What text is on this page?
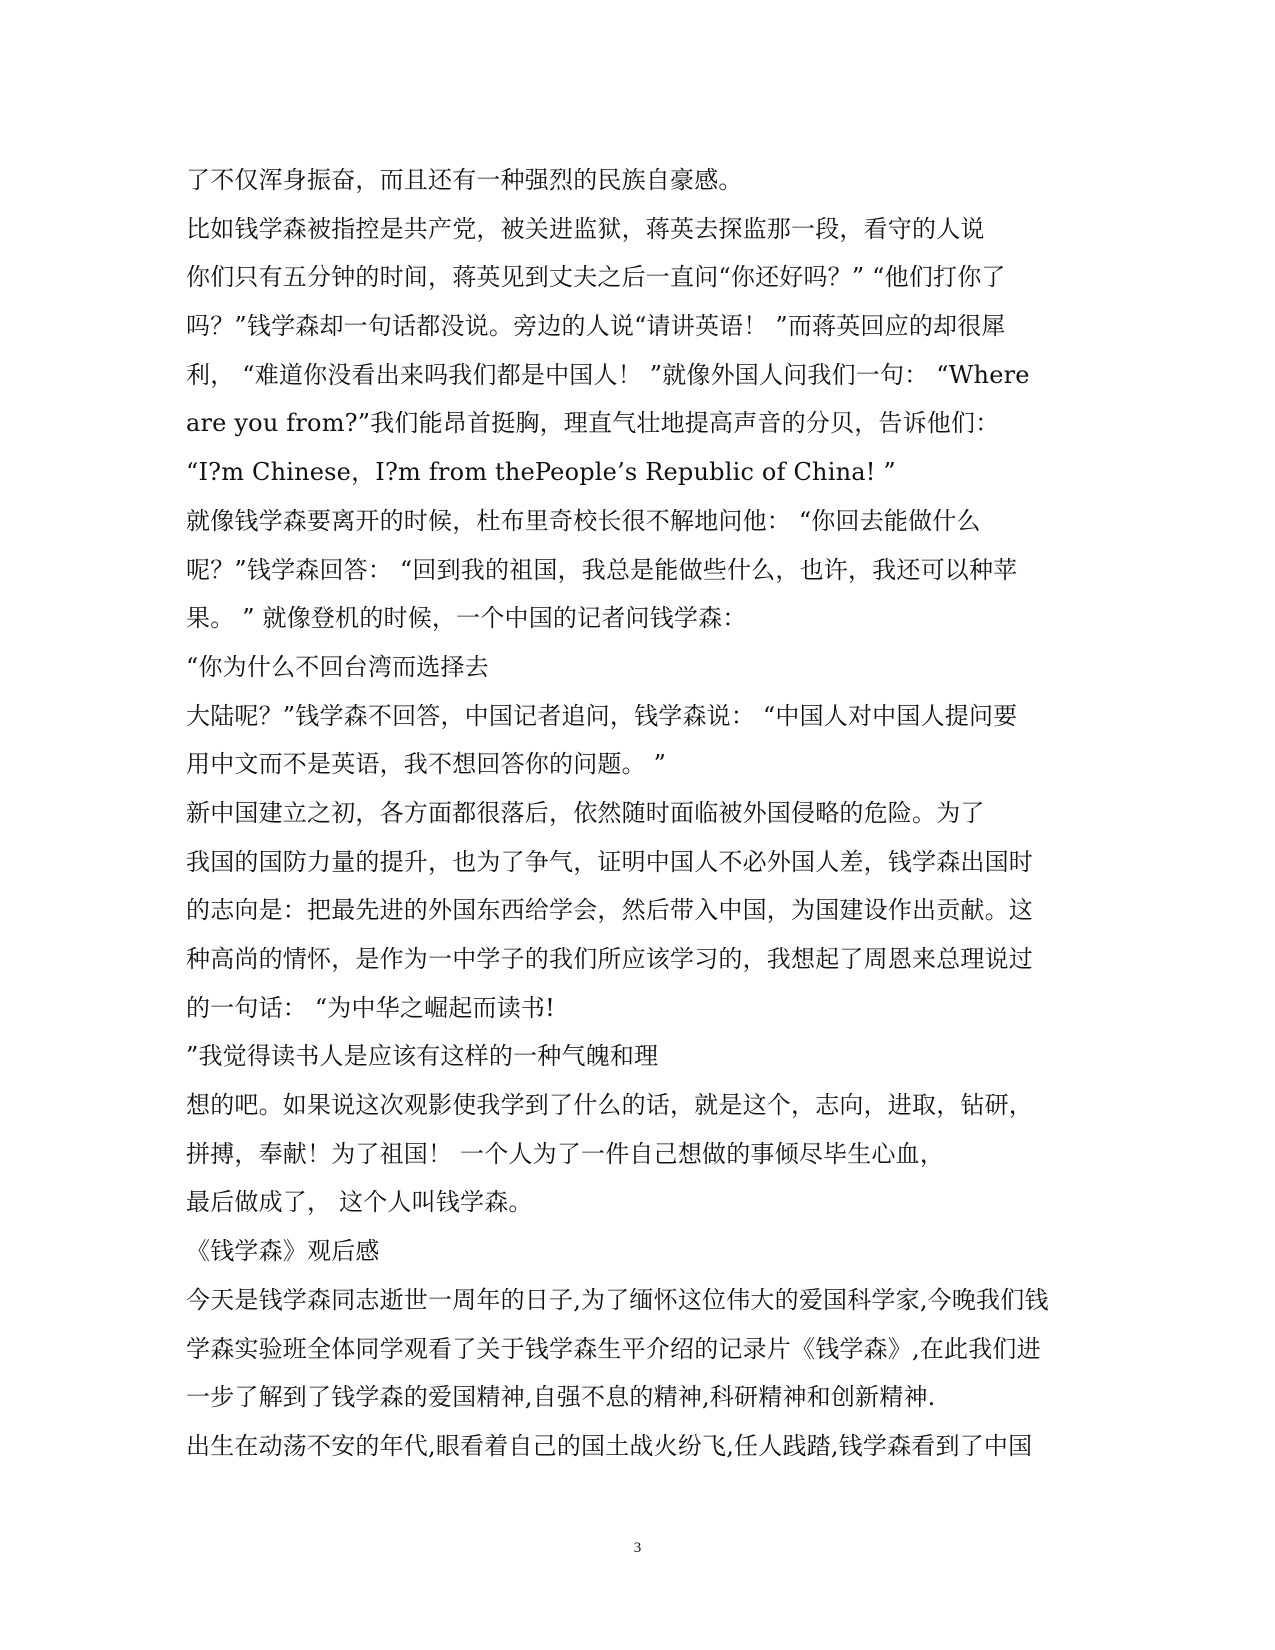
了不仅浑身振奋，而且还有一种强烈的民族自豪感。
比如钱学森被指控是共产党，被关进监狱，蒋英去探监那一段，看守的人说
你们只有五分钟的时间，蒋英见到丈夫之后一直问“你还好吗？” “他们打你了
吗？”钱学森却一句话都没说。旁边的人说“请讲英语！ ”而蒋英回应的却很犀
利， “难道你没看出来吗我们都是中国人！ ”就像外国人问我们一句： “Where
are you from?”我们能昂首挺胸，理直气壮地提高声音的分贝，告诉他们：
“I?m Chinese，I?m from thePeople’s Republic of China! ”
就像钱学森要离开的时候，杜布里奇校长很不解地问他： “你回去能做什么
呢？”钱学森回答： “回到我的祖国，我总是能做些什么，也许，我还可以种苹
果。 ” 就像登机的时候，一个中国的记者问钱学森：
“你为什么不回台湾而选择去
大陆呢？”钱学森不回答，中国记者追问，钱学森说： “中国人对中国人提问要
用中文而不是英语，我不想回答你的问题。 ”
新中国建立之初，各方面都很落后，依然随时面临被外国侵略的危险。为了
我国的国防力量的提升，也为了争气，证明中国人不必外国人差，钱学森出国时
的志向是：把最先进的外国东西给学会，然后带入中国，为国建设作出贡献。这
种高尚的情怀，是作为一中学子的我们所应该学习的，我想起了周恩来总理说过
的一句话： “为中华之崛起而读书!
”我觉得读书人是应该有这样的一种气魄和理
想的吧。如果说这次观影使我学到了什么的话，就是这个，志向，进取，钻研，
拼搏，奉献！为了祖国！ 一个人为了一件自己想做的事倾尽毕生心血，
最后做成了， 这个人叫钱学森。
《钱学森》观后感
今天是钱学森同志逝世一周年的日子,为了缅怀这位伟大的爱国科学家,今晚我们钱
学森实验班全体同学观看了关于钱学森生平介绍的记录片《钱学森》,在此我们进
一步了解到了钱学森的爱国精神,自强不息的精神,科研精神和创新精神.
出生在动荡不安的年代,眼看着自己的国土战火纷飞,任人践踏,钱学森看到了中国
3
